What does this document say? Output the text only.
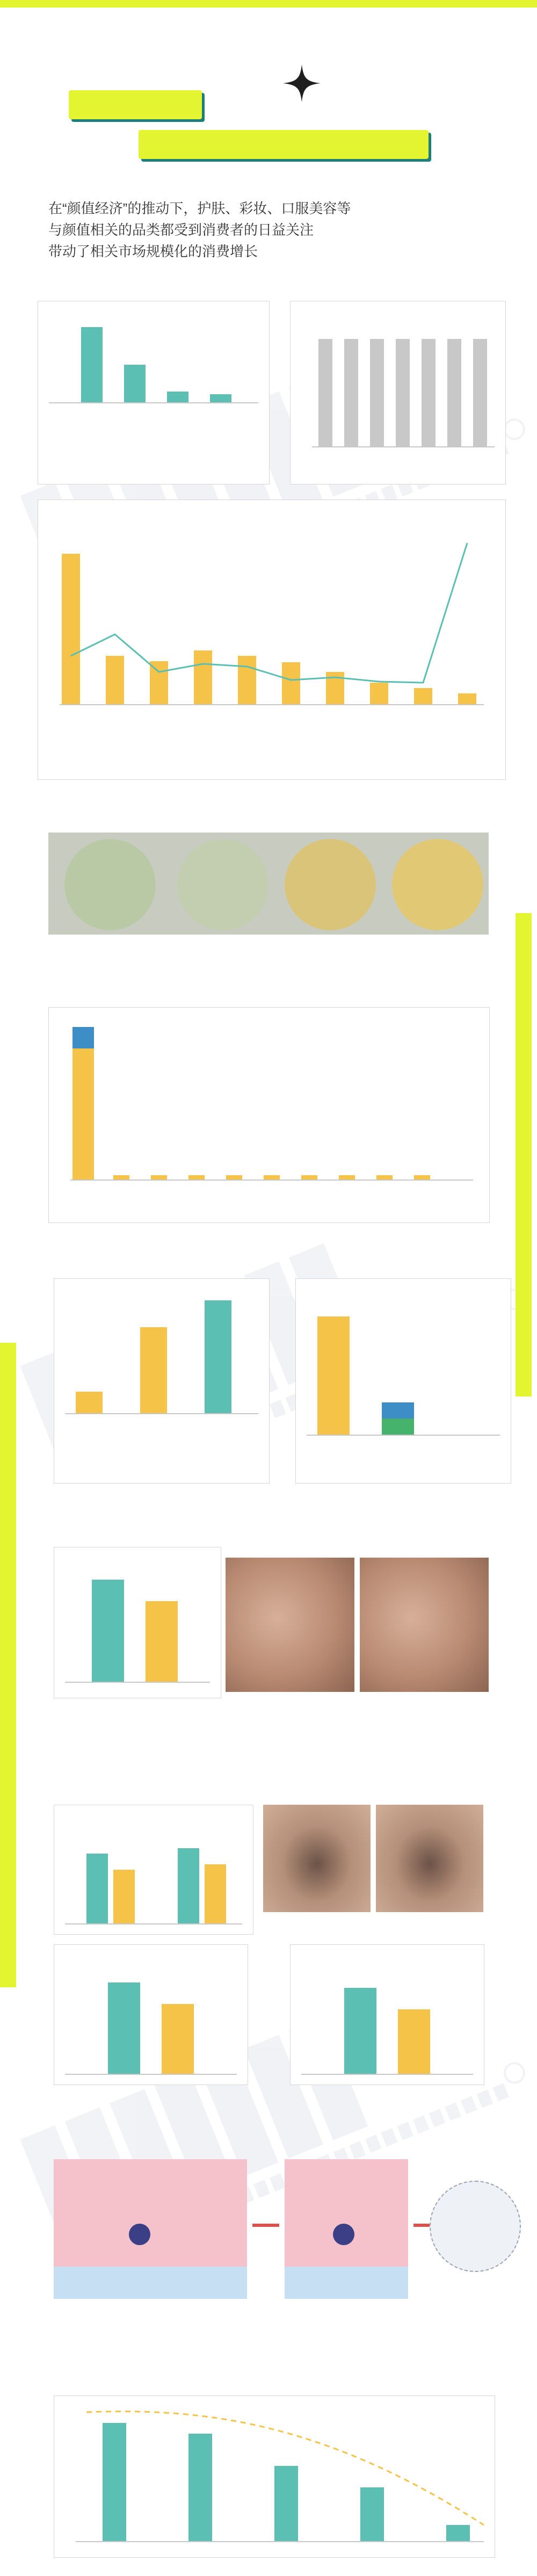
在“颜值经济”的推动下，护肤、彩妆、口服美容等
与颜值相关的品类都受到消费者的日益关注
带动了相关市场规模化的消费增长
